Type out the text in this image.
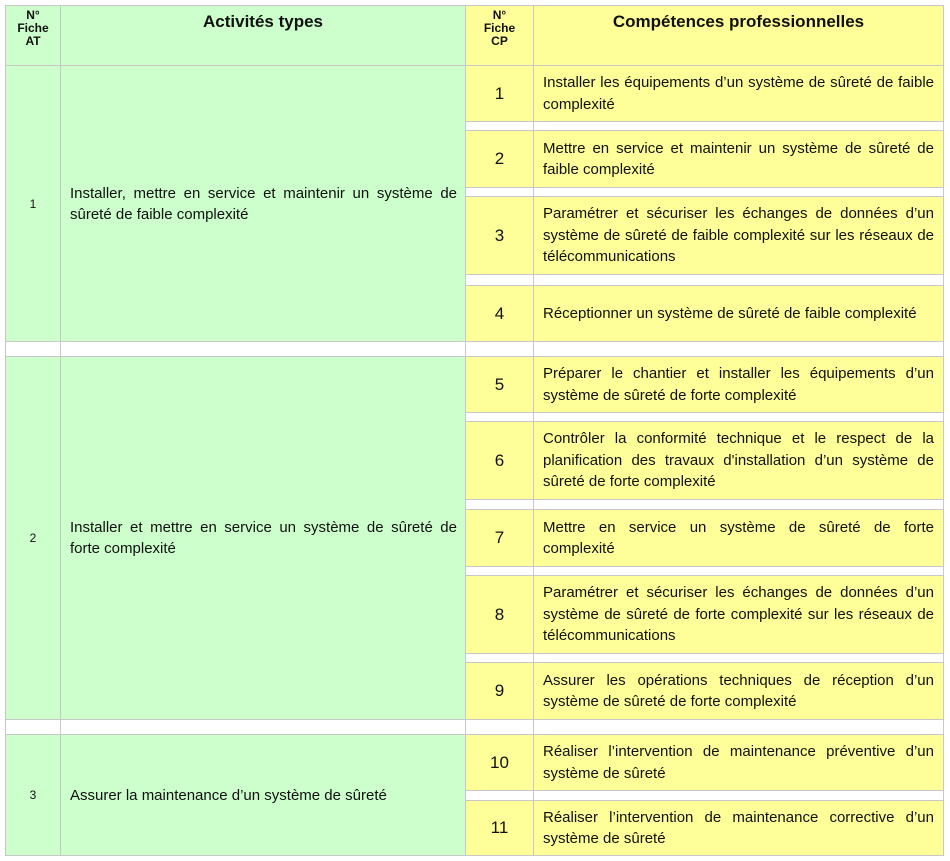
N°
Fiche
AT
Activités types	N°
Fiche
CP
Compétences professionnelles
1
Installer, mettre en service et maintenir un système de sûreté de faible complexité
1
Installer les équipements d’un système de sûreté de faible complexité
2
Mettre en service et maintenir un système de sûreté de faible complexité
3
Paramétrer et sécuriser les échanges de données d’un système de sûreté de faible complexité sur les réseaux de télécommunications
4	Réceptionner un système de sûreté de faible complexité
2
Installer et mettre en service un système de sûreté de forte complexité
5
Préparer le chantier et installer les équipements d’un système de sûreté de forte complexité
6
Contrôler la conformité technique et le respect de la planification des travaux d'installation d’un système de sûreté de forte complexité
7
Mettre en service un système de sûreté de forte complexité
8
Paramétrer et sécuriser les échanges de données d’un système de sûreté de forte complexité sur les réseaux de télécommunications
9
Assurer les opérations techniques de réception d’un système de sûreté de forte complexité
3 Assurer la maintenance d’un système de sûreté
10
Réaliser l’intervention de maintenance préventive d’un système de sûreté
11
Réaliser l’intervention de maintenance corrective d’un système de sûreté
